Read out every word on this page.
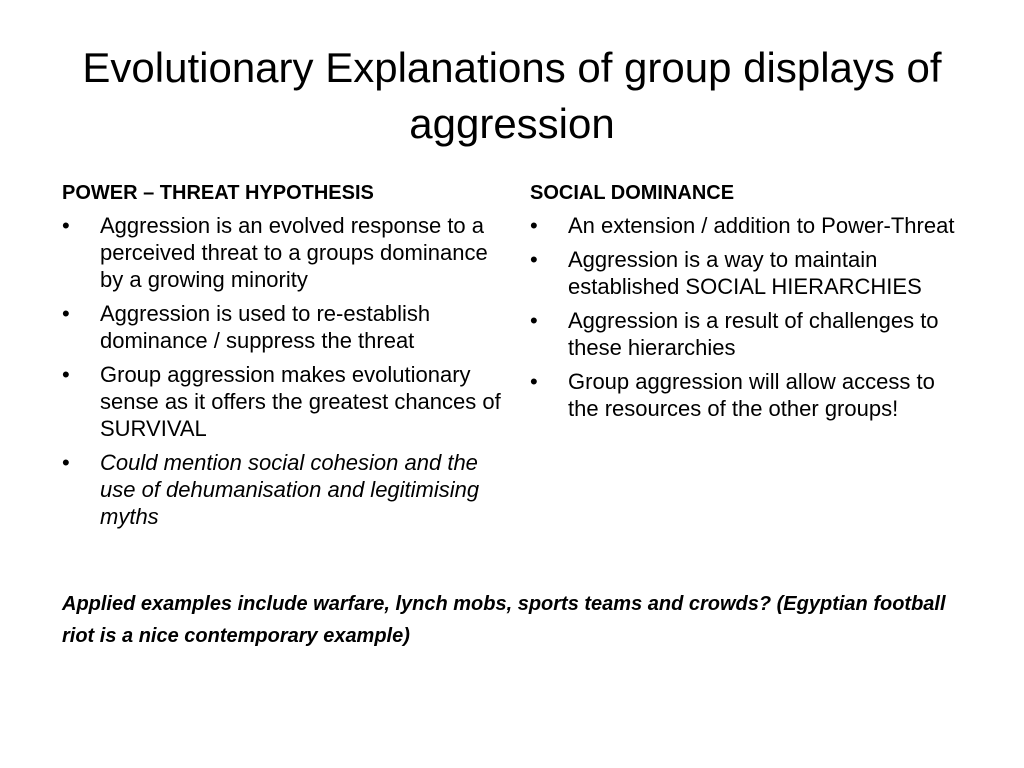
Evolutionary Explanations of group displays of aggression
POWER – THREAT HYPOTHESIS
•	Aggression is an evolved response to a perceived threat to a groups dominance by a growing minority
•	Aggression is used to re-establish dominance / suppress the threat
•	Group aggression makes evolutionary sense as it offers the greatest chances of SURVIVAL
•	Could mention social cohesion and the use of dehumanisation and legitimising myths
SOCIAL DOMINANCE
•	An extension / addition to Power-Threat
•	Aggression is a way to maintain established SOCIAL HIERARCHIES
•	Aggression is a result of challenges to these hierarchies
•	Group aggression will allow access to the resources of the other groups!
Applied examples include warfare, lynch mobs, sports teams and crowds? (Egyptian football riot is a nice contemporary example)
